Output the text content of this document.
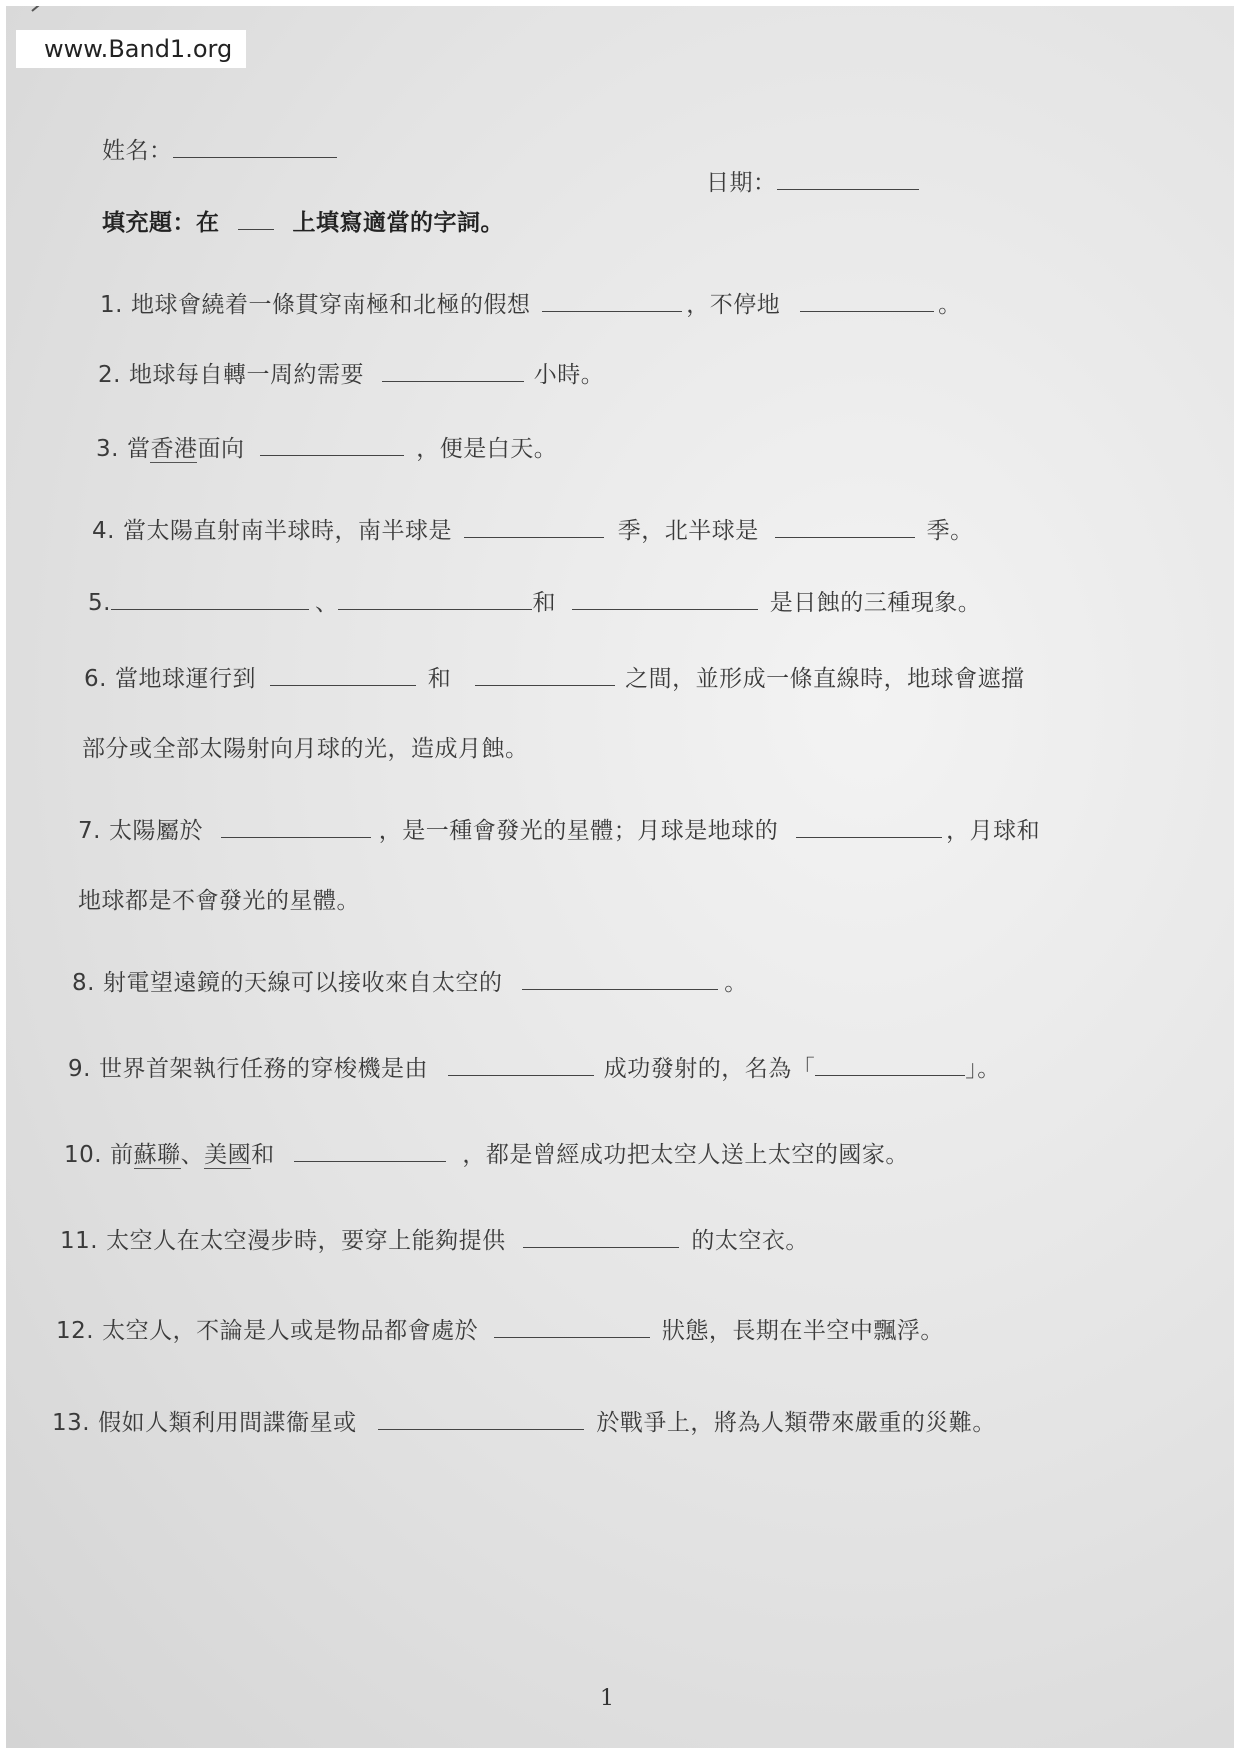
www.Band1.org
姓名：
日期：
填充題：在	上填寫適當的字詞。
1. 地球會繞着一條貫穿南極和北極的假想	，不停地	。
2. 地球每自轉一周約需要	小時。
3. 當香港面向	，便是白天。
4. 當太陽直射南半球時，南半球是	季，北半球是	季。
5.	、	和	是日蝕的三種現象。
6. 當地球運行到	和	之間，並形成一條直線時，地球會遮擋
部分或全部太陽射向月球的光，造成月蝕。
7. 太陽屬於	，是一種會發光的星體；月球是地球的	，月球和
地球都是不會發光的星體。
8. 射電望遠鏡的天線可以接收來自太空的	。
9. 世界首架執行任務的穿梭機是由	成功發射的，名為「	」。
10. 前蘇聯、美國和	，都是曾經成功把太空人送上太空的國家。
11. 太空人在太空漫步時，要穿上能夠提供	的太空衣。
12. 太空人，不論是人或是物品都會處於	狀態，長期在半空中飄浮。
13. 假如人類利用間諜衞星或	於戰爭上，將為人類帶來嚴重的災難。
1
